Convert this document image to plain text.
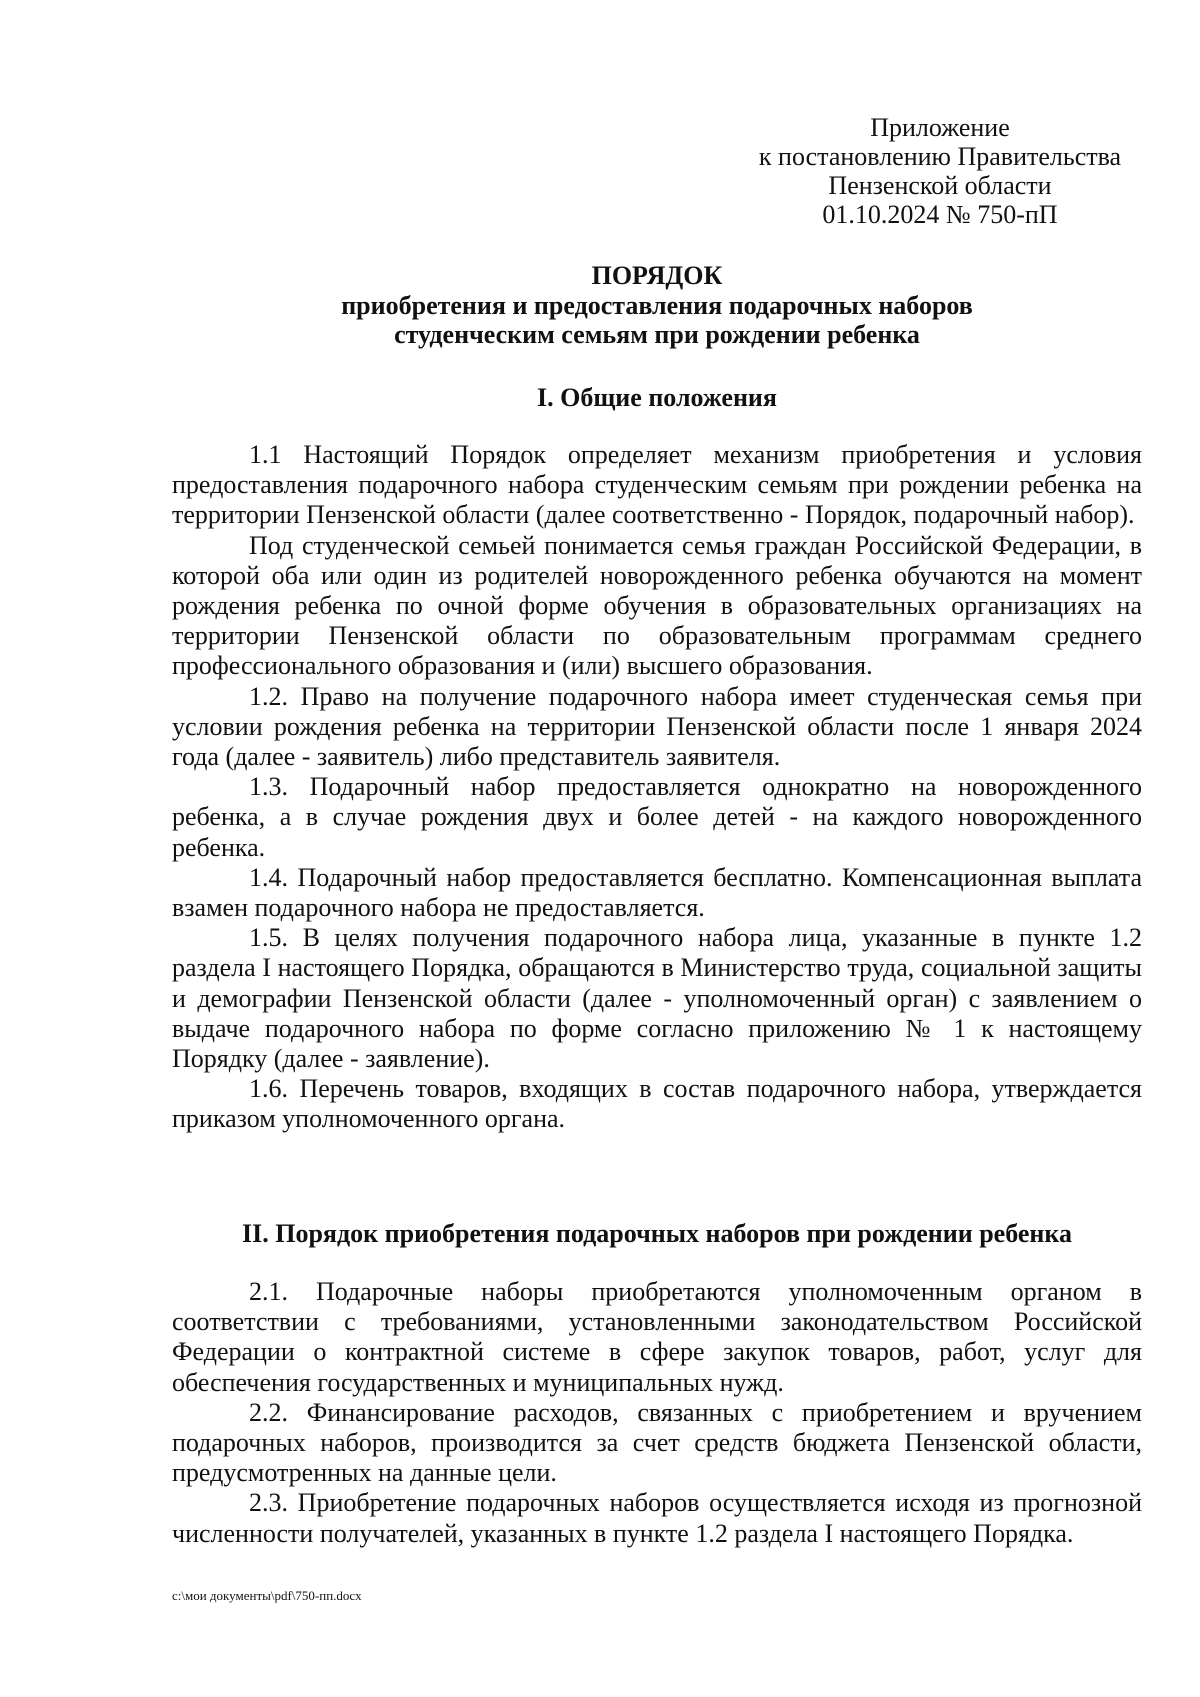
Приложение
к постановлению Правительства
Пензенской области
01.10.2024 № 750-пП
ПОРЯДОК
приобретения и предоставления подарочных наборов
студенческим семьям при рождении ребенка
I. Общие положения

1.1 Настоящий Порядок определяет механизм приобретения и условия предоставления подарочного набора студенческим семьям при рождении ребенка на территории Пензенской области (далее соответственно - Порядок, подарочный набор).

Под студенческой семьей понимается семья граждан Российской Федерации, в которой оба или один из родителей новорожденного ребенка обучаются на момент рождения ребенка по очной форме обучения в образовательных организациях на территории Пензенской области по образовательным программам среднего профессионального образования и (или) высшего образования.

1.2. Право на получение подарочного набора имеет студенческая семья при условии рождения ребенка на территории Пензенской области после 1 января 2024 года (далее - заявитель) либо представитель заявителя.

1.3. Подарочный набор предоставляется однократно на новорожденного ребенка, а в случае рождения двух и более детей - на каждого новорожденного ребенка.

1.4. Подарочный набор предоставляется бесплатно. Компенсационная выплата взамен подарочного набора не предоставляется.

1.5. В целях получения подарочного набора лица, указанные в пункте 1.2 раздела I настоящего Порядка, обращаются в Министерство труда, социальной защиты и демографии Пензенской области (далее - уполномоченный орган) с заявлением о выдаче подарочного набора по форме согласно приложению № 1 к настоящему Порядку (далее - заявление).

1.6. Перечень товаров, входящих в состав подарочного набора, утверждается приказом уполномоченного органа.

II. Порядок приобретения подарочных наборов при рождении ребенка

2.1. Подарочные наборы приобретаются уполномоченным органом в соответствии с требованиями, установленными законодательством Российской Федерации о контрактной системе в сфере закупок товаров, работ, услуг для обеспечения государственных и муниципальных нужд.

2.2. Финансирование расходов, связанных с приобретением и вручением подарочных наборов, производится за счет средств бюджета Пензенской области, предусмотренных на данные цели.

2.3. Приобретение подарочных наборов осуществляется исходя из прогнозной численности получателей, указанных в пункте 1.2 раздела I настоящего Порядка.

c:\мои документы\pdf\750-пп.docx
